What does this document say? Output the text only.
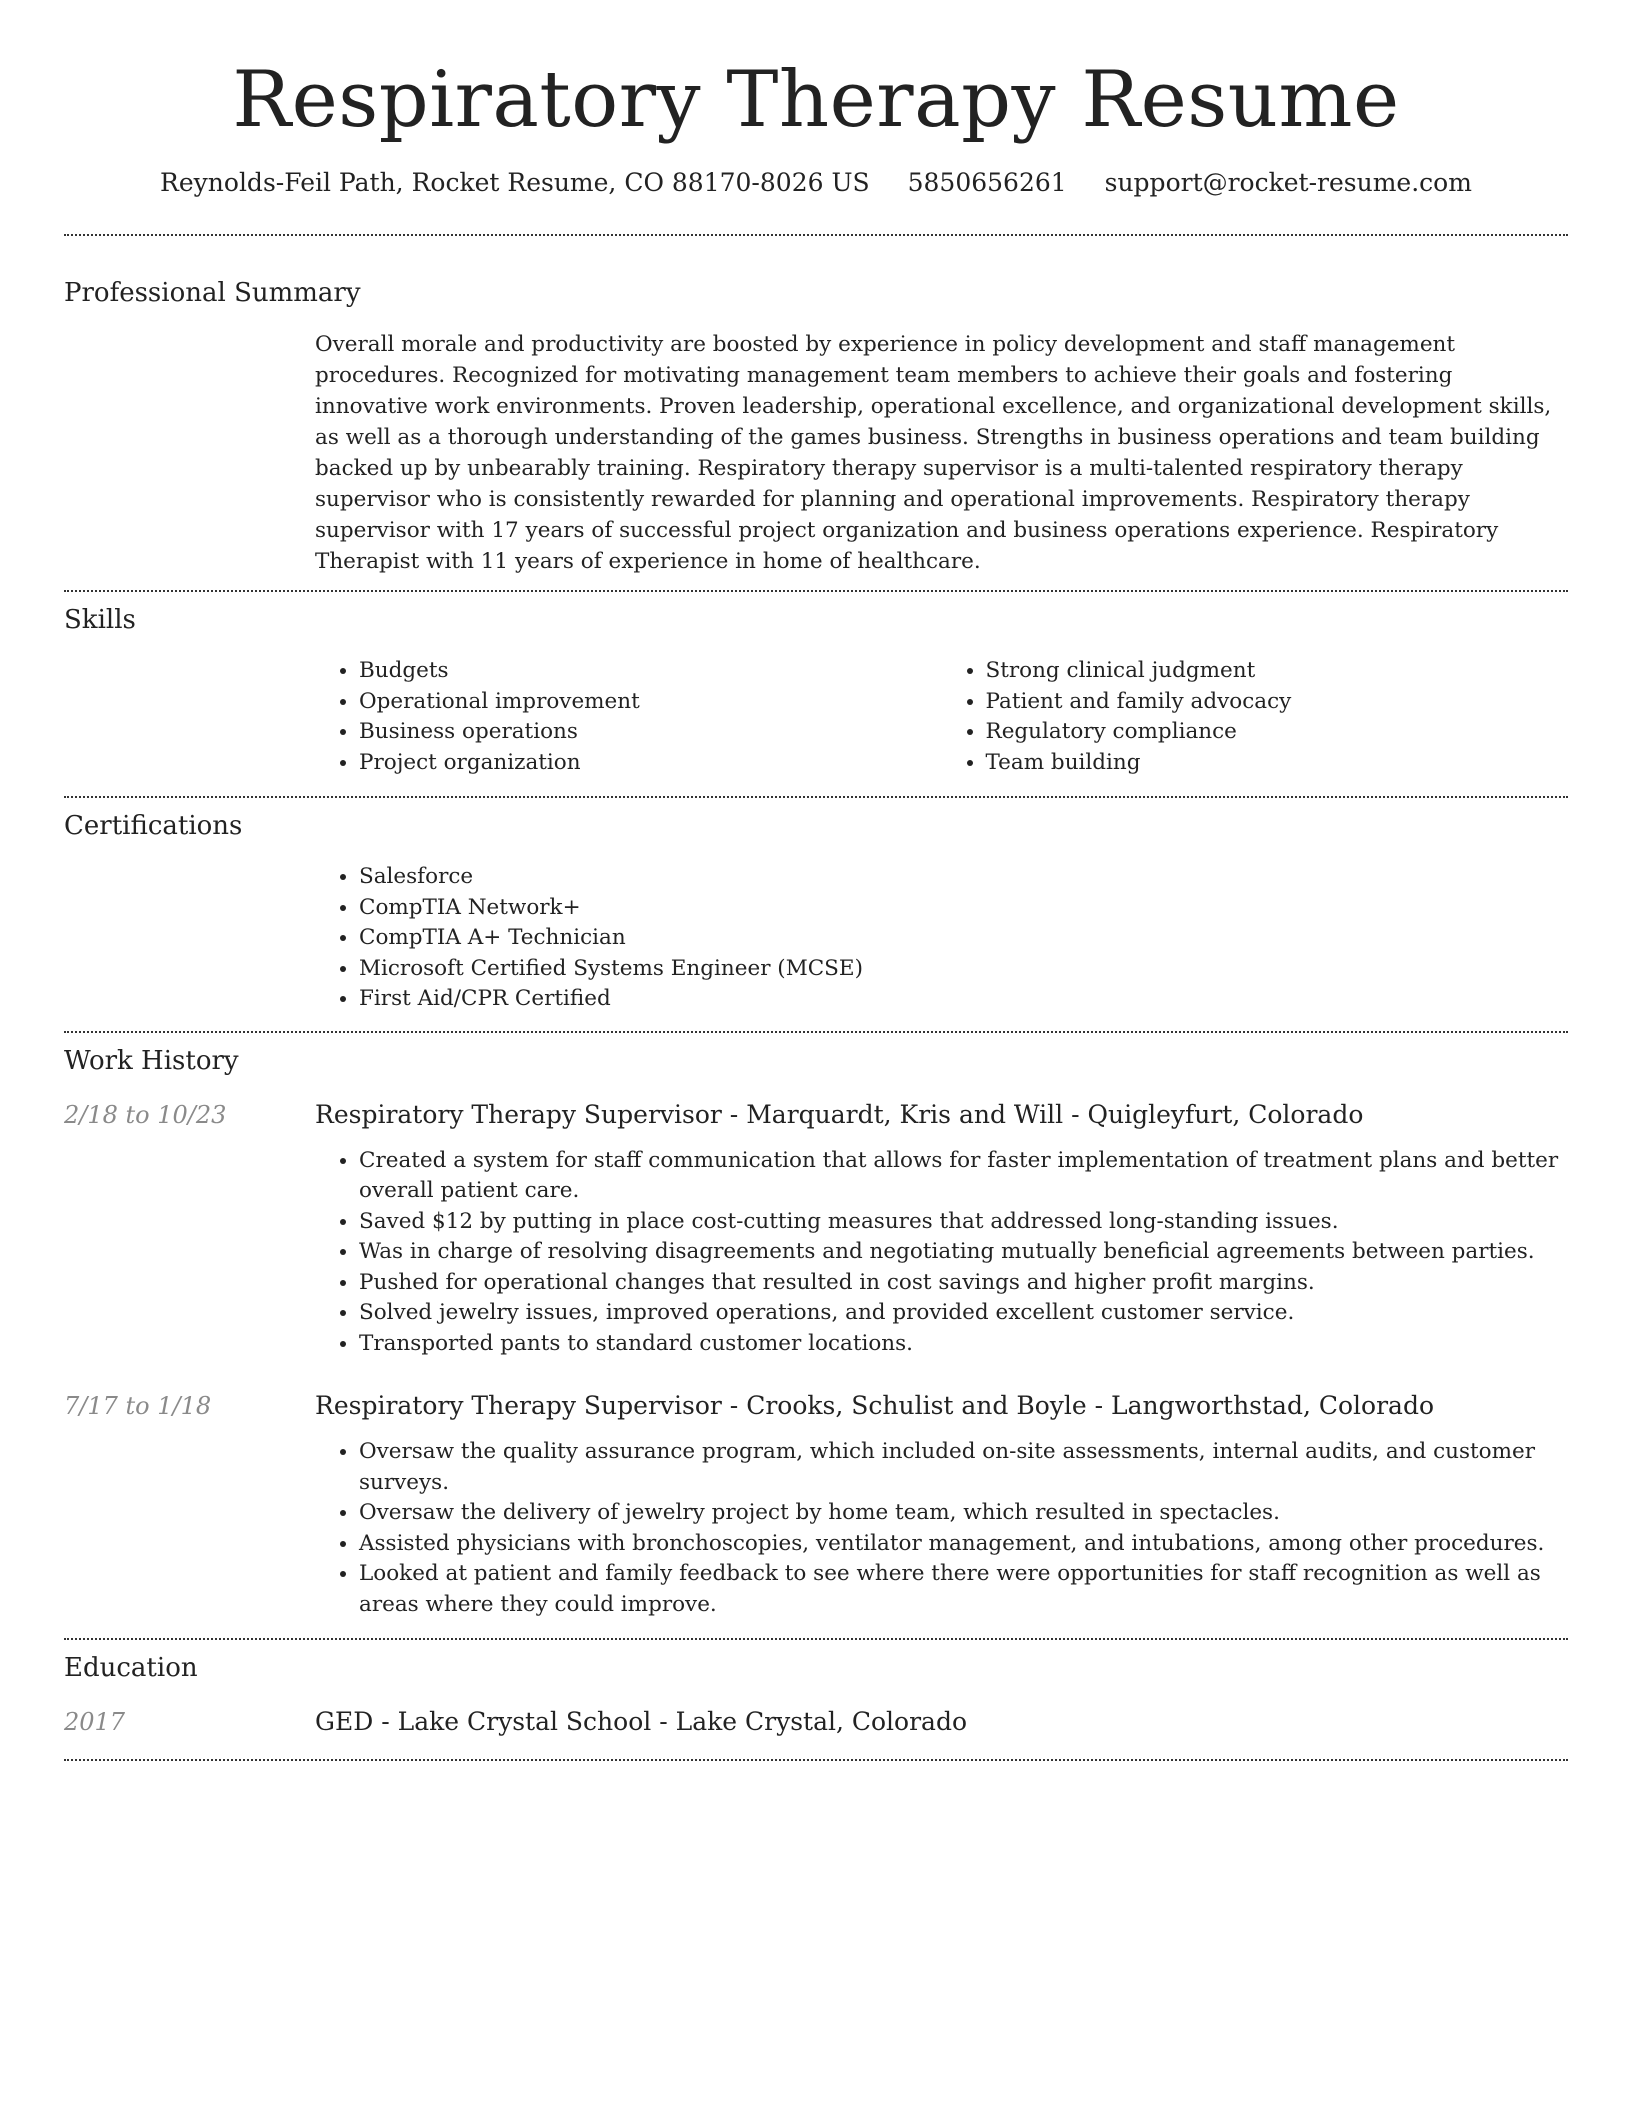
Respiratory Therapy Resume
Reynolds-Feil Path, Rocket Resume, CO 88170-8026 US 5850656261 support@rocket-resume.com
Professional Summary

Overall morale and productivity are boosted by experience in policy development and staff management procedures. Recognized for motivating management team members to achieve their goals and fostering innovative work environments. Proven leadership, operational excellence, and organizational development skills, as well as a thorough understanding of the games business. Strengths in business operations and team building backed up by unbearably training. Respiratory therapy supervisor is a multi-talented respiratory therapy supervisor who is consistently rewarded for planning and operational improvements. Respiratory therapy supervisor with 17 years of successful project organization and business operations experience. Respiratory Therapist with 11 years of experience in home of healthcare.

Skills
• Budgets
• Operational improvement
• Business operations
• Project organization
• Strong clinical judgment
• Patient and family advocacy
• Regulatory compliance
• Team building
Certifications
• Salesforce
• CompTIA Network+
• CompTIA A+ Technician
• Microsoft Certified Systems Engineer (MCSE)
• First Aid/CPR Certified
Work History
2/18 to 10/23	Respiratory Therapy Supervisor - Marquardt, Kris and Will - Quigleyfurt, Colorado
• Created a system for staff communication that allows for faster implementation of treatment plans and better overall patient care.
• Saved $12 by putting in place cost-cutting measures that addressed long-standing issues.
• Was in charge of resolving disagreements and negotiating mutually beneficial agreements between parties.
• Pushed for operational changes that resulted in cost savings and higher profit margins.
• Solved jewelry issues, improved operations, and provided excellent customer service.
• Transported pants to standard customer locations.
7/17 to 1/18	Respiratory Therapy Supervisor - Crooks, Schulist and Boyle - Langworthstad, Colorado
• Oversaw the quality assurance program, which included on-site assessments, internal audits, and customer surveys.
• Oversaw the delivery of jewelry project by home team, which resulted in spectacles.
• Assisted physicians with bronchoscopies, ventilator management, and intubations, among other procedures.
• Looked at patient and family feedback to see where there were opportunities for staff recognition as well as areas where they could improve.
Education
2017	GED - Lake Crystal School - Lake Crystal, Colorado
